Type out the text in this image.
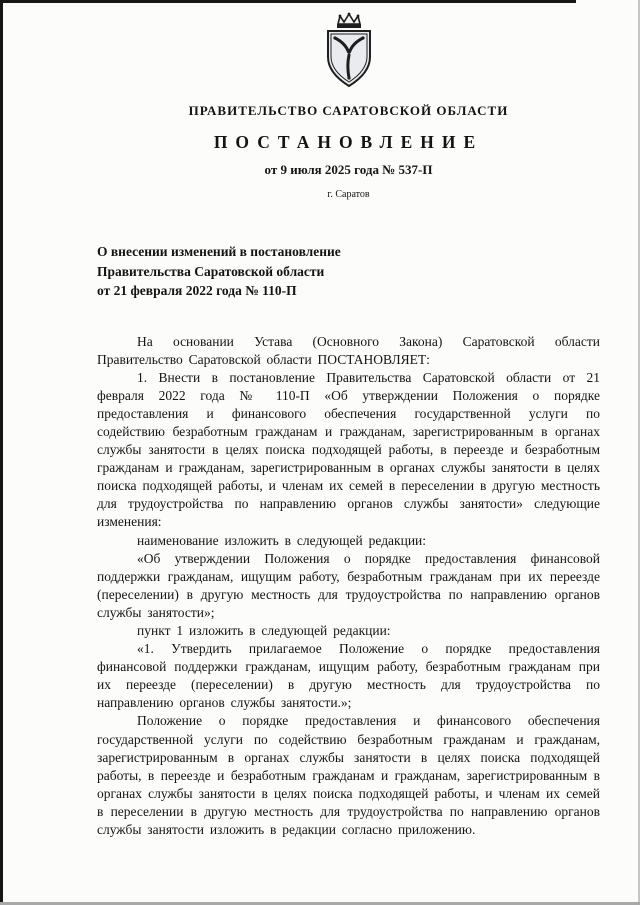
ПРАВИТЕЛЬСТВО САРАТОВСКОЙ ОБЛАСТИ
ПОСТАНОВЛЕНИЕ
от 9 июля 2025 года № 537-П
г. Саратов
О внесении изменений в постановление
Правительства Саратовской области
от 21 февраля 2022 года № 110-П

На основании Устава (Основного Закона) Саратовской области Правительство Саратовской области ПОСТАНОВЛЯЕТ:

1. Внести в постановление Правительства Саратовской области от 21 февраля 2022 года № 110-П «Об утверждении Положения о порядке предоставления и финансового обеспечения государственной услуги по содействию безработным гражданам и гражданам, зарегистрированным в органах службы занятости в целях поиска подходящей работы, в переезде и безработным гражданам и гражданам, зарегистрированным в органах службы занятости в целях поиска подходящей работы, и членам их семей в переселении в другую местность для трудоустройства по направлению органов службы занятости» следующие изменения:

наименование изложить в следующей редакции:

«Об утверждении Положения о порядке предоставления финансовой поддержки гражданам, ищущим работу, безработным гражданам при их переезде (переселении) в другую местность для трудоустройства по направлению органов службы занятости»;

пункт 1 изложить в следующей редакции:

«1. Утвердить прилагаемое Положение о порядке предоставления финансовой поддержки гражданам, ищущим работу, безработным гражданам при их переезде (переселении) в другую местность для трудоустройства по направлению органов службы занятости.»;

Положение о порядке предоставления и финансового обеспечения государственной услуги по содействию безработным гражданам и гражданам, зарегистрированным в органах службы занятости в целях поиска подходящей работы, в переезде и безработным гражданам и гражданам, зарегистрированным в органах службы занятости в целях поиска подходящей работы, и членам их семей в переселении в другую местность для трудоустройства по направлению органов службы занятости изложить в редакции согласно приложению.
